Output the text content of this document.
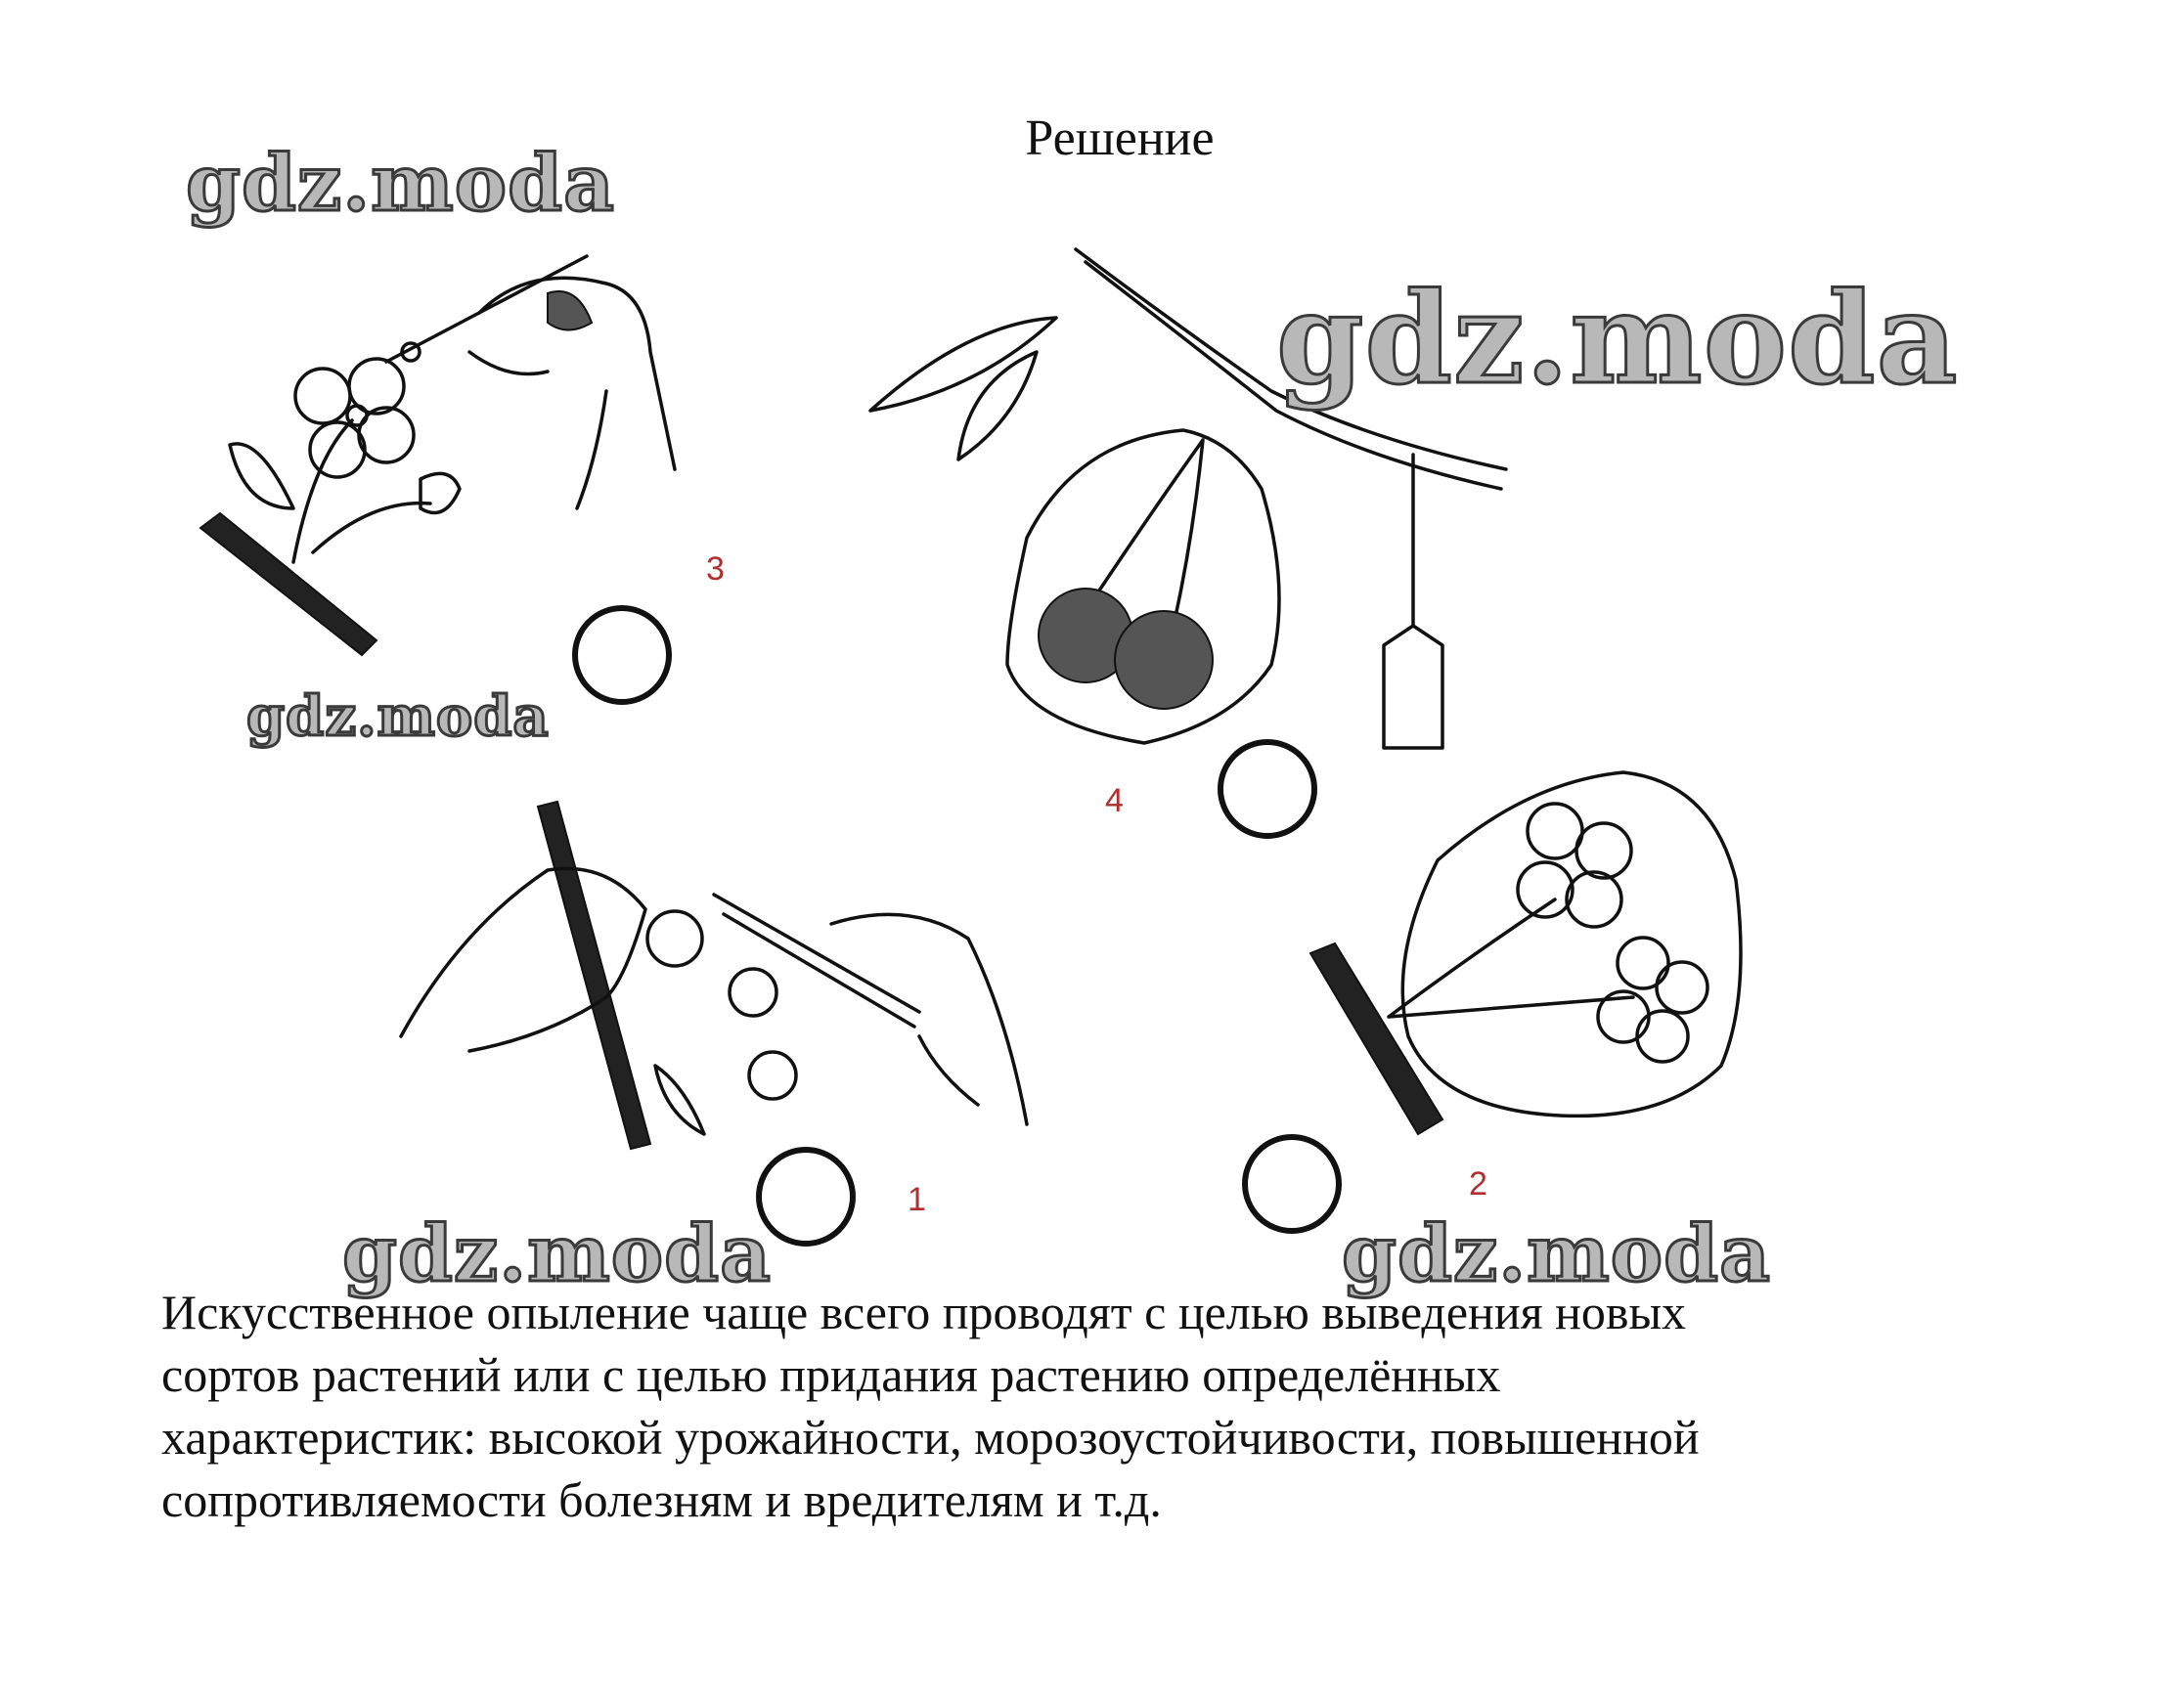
Решение
3
4
1	2
gdz.moda
gdz.moda
gdz.moda
gdz.moda	gdz.moda
Искусственное опыление чаще всего проводят с целью выведения новых
сортов растений или с целью придания растению определённых
характеристик: высокой урожайности, морозоустойчивости, повышенной
сопротивляемости болезням и вредителям и т.д.
